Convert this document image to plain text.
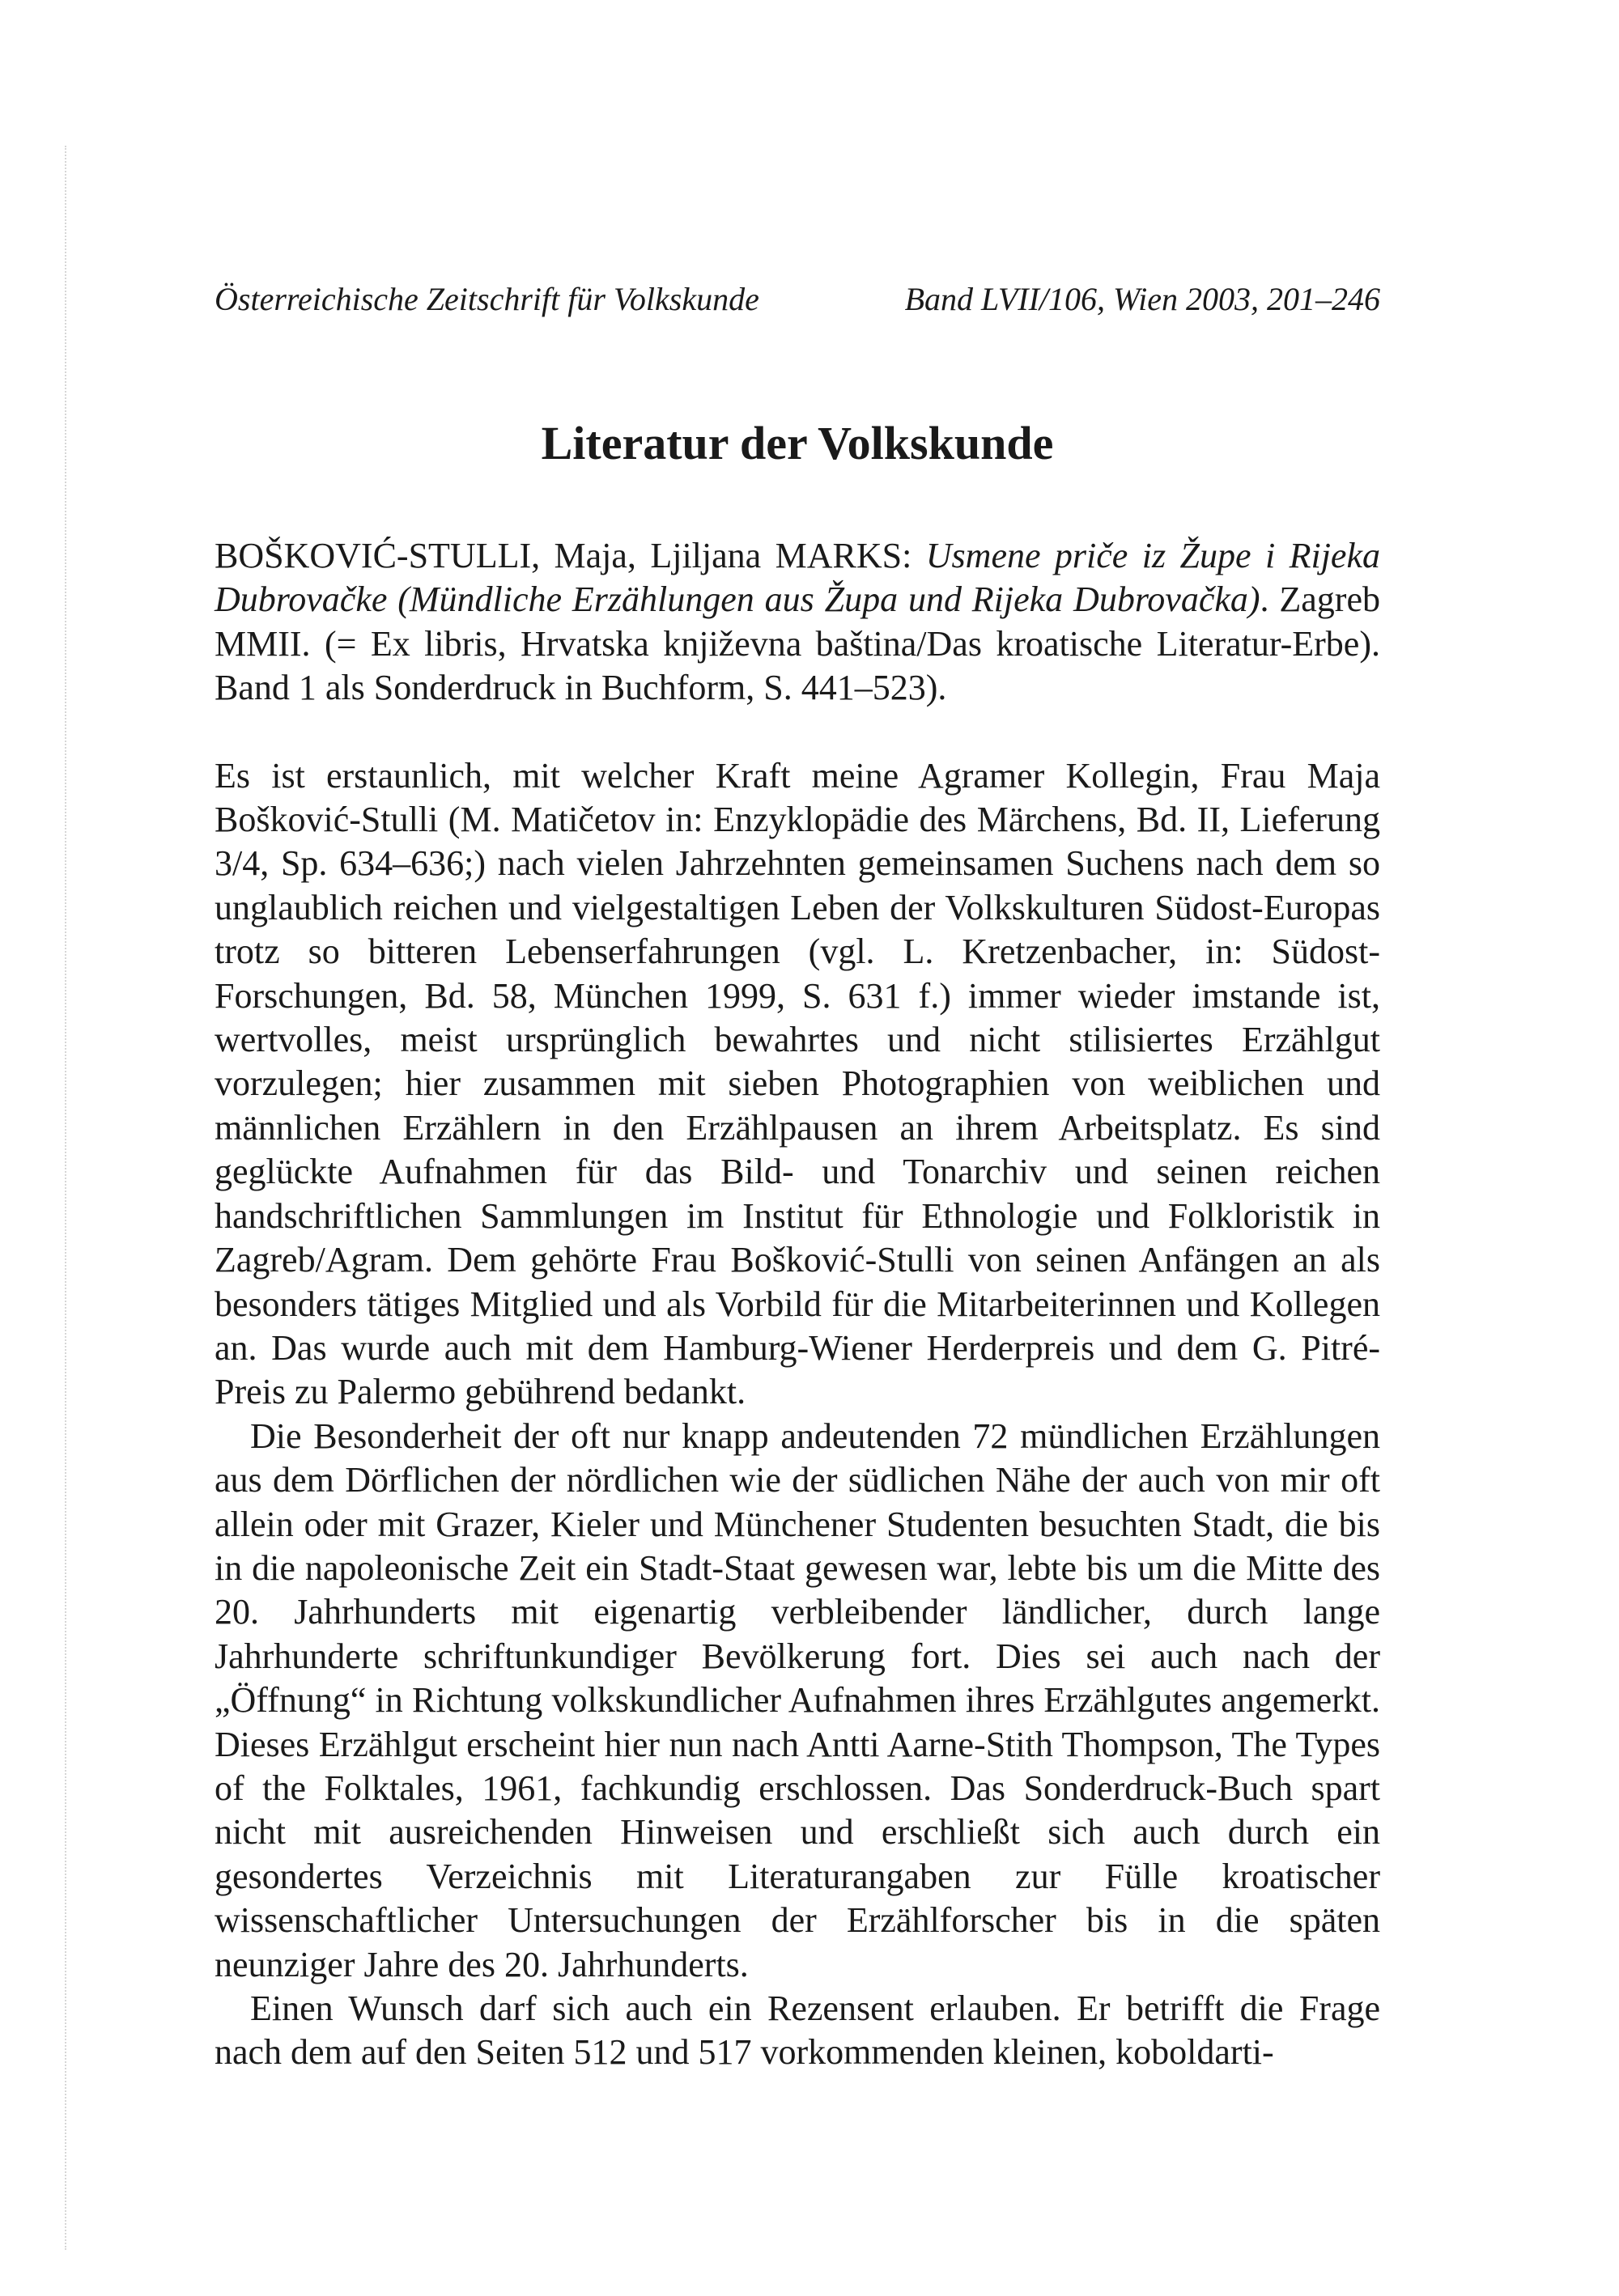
Österreichische Zeitschrift für Volkskunde	Band LVII/106, Wien 2003, 201–246
Literatur der Volkskunde

BOŠKOVIĆ-STULLI, Maja, Ljiljana MARKS: Usmene priče iz Župe i Rijeka Dubrovačke (Mündliche Erzählungen aus Župa und Rijeka Dubrovačka). Zagreb MMII. (= Ex libris, Hrvatska književna baština/Das kroatische Literatur-Erbe). Band 1 als Sonderdruck in Buchform, S. 441–523).

Es ist erstaunlich, mit welcher Kraft meine Agramer Kollegin, Frau Maja Bošković-Stulli (M. Matičetov in: Enzyklopädie des Märchens, Bd. II, Lieferung 3/4, Sp. 634–636;) nach vielen Jahrzehnten gemeinsamen Suchens nach dem so unglaublich reichen und vielgestaltigen Leben der Volkskulturen Südost-Europas trotz so bitteren Lebenserfahrungen (vgl. L. Kretzenbacher, in: Südost-Forschungen, Bd. 58, München 1999, S. 631 f.) immer wieder imstande ist, wertvolles, meist ursprünglich bewahrtes und nicht stilisiertes Erzählgut vorzulegen; hier zusammen mit sieben Photographien von weiblichen und männlichen Erzählern in den Erzählpausen an ihrem Arbeitsplatz. Es sind geglückte Aufnahmen für das Bild- und Tonarchiv und seinen reichen handschriftlichen Sammlungen im Institut für Ethnologie und Folkloristik in Zagreb/Agram. Dem gehörte Frau Bošković-Stulli von seinen Anfängen an als besonders tätiges Mitglied und als Vorbild für die Mitarbeiterinnen und Kollegen an. Das wurde auch mit dem Hamburg-Wiener Herderpreis und dem G. Pitré-Preis zu Palermo gebührend bedankt.

Die Besonderheit der oft nur knapp andeutenden 72 mündlichen Erzählungen aus dem Dörflichen der nördlichen wie der südlichen Nähe der auch von mir oft allein oder mit Grazer, Kieler und Münchener Studenten besuchten Stadt, die bis in die napoleonische Zeit ein Stadt-Staat gewesen war, lebte bis um die Mitte des 20. Jahrhunderts mit eigenartig verbleibender ländlicher, durch lange Jahrhunderte schriftunkundiger Bevölkerung fort. Dies sei auch nach der „Öffnung“ in Richtung volkskundlicher Aufnahmen ihres Erzählgutes angemerkt. Dieses Erzählgut erscheint hier nun nach Antti Aarne-Stith Thompson, The Types of the Folktales, 1961, fachkundig erschlossen. Das Sonderdruck-Buch spart nicht mit ausreichenden Hinweisen und erschließt sich auch durch ein gesondertes Verzeichnis mit Literaturangaben zur Fülle kroatischer wissenschaftlicher Untersuchungen der Erzählforscher bis in die späten neunziger Jahre des 20. Jahrhunderts.

Einen Wunsch darf sich auch ein Rezensent erlauben. Er betrifft die Frage nach dem auf den Seiten 512 und 517 vorkommenden kleinen, koboldarti-
